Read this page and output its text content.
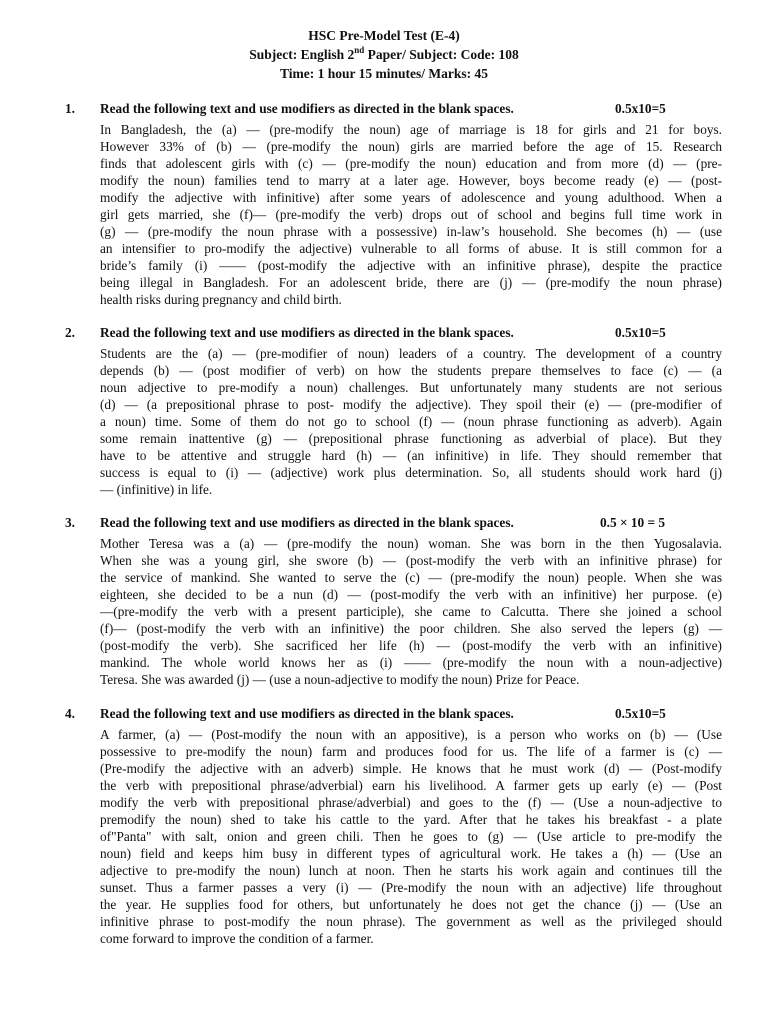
HSC Pre-Model Test (E-4)
Subject: English 2nd Paper/ Subject: Code: 108
Time: 1 hour 15 minutes/ Marks: 45
1. Read the following text and use modifiers as directed in the blank spaces.	0.5x10=5
In Bangladesh, the (a) — (pre-modify the noun) age of marriage is 18 for girls and 21 for boys.
However 33% of (b) — (pre-modify the noun) girls are married before the age of 15. Research
finds that adolescent girls with (c) — (pre-modify the noun) education and from more (d) — (pre-
modify the noun) families tend to marry at a later age. However, boys become ready (e) — (post-
modify the adjective with infinitive) after some years of adolescence and young adulthood. When a
girl gets married, she (f)— (pre-modify the verb) drops out of school and begins full time work in
(g) — (pre-modify the noun phrase with a possessive) in-law’s household. She becomes (h) — (use
an intensifier to pro-modify the adjective) vulnerable to all forms of abuse. It is still common for a
bride’s family (i) —— (post-modify the adjective with an infinitive phrase), despite the practice
being illegal in Bangladesh. For an adolescent bride, there are (j) — (pre-modify the noun phrase)
health risks during pregnancy and child birth.
2. Read the following text and use modifiers as directed in the blank spaces.	0.5x10=5
Students are the (a) — (pre-modifier of noun) leaders of a country. The development of a country
depends (b) — (post modifier of verb) on how the students prepare themselves to face (c) — (a
noun adjective to pre-modify a noun) challenges. But unfortunately many students are not serious
(d) — (a prepositional phrase to post- modify the adjective). They spoil their (e) — (pre-modifier of
a noun) time. Some of them do not go to school (f) — (noun phrase functioning as adverb). Again
some remain inattentive (g) — (prepositional phrase functioning as adverbial of place). But they
have to be attentive and struggle hard (h) — (an infinitive) in life. They should remember that
success is equal to (i) — (adjective) work plus determination. So, all students should work hard (j)
— (infinitive) in life.
3. Read the following text and use modifiers as directed in the blank spaces.	0.5 × 10 = 5
Mother Teresa was a (a) — (pre-modify the noun) woman. She was born in the then Yugosalavia.
When she was a young girl, she swore (b) — (post-modify the verb with an infinitive phrase) for
the service of mankind. She wanted to serve the (c) — (pre-modify the noun) people. When she was
eighteen, she decided to be a nun (d) — (post-modify the verb with an infinitive) her purpose. (e)
—(pre-modify the verb with a present participle), she came to Calcutta. There she joined a school
(f)— (post-modify the verb with an infinitive) the poor children. She also served the lepers (g) —
(post-modify the verb). She sacrificed her life (h) — (post-modify the verb with an infinitive)
mankind. The whole world knows her as (i) —— (pre-modify the noun with a noun-adjective)
Teresa. She was awarded (j) — (use a noun-adjective to modify the noun) Prize for Peace.
4. Read the following text and use modifiers as directed in the blank spaces.	0.5x10=5
A farmer, (a) — (Post-modify the noun with an appositive), is a person who works on (b) — (Use
possessive to pre-modify the noun) farm and produces food for us. The life of a farmer is (c) —
(Pre-modify the adjective with an adverb) simple. He knows that he must work (d) — (Post-modify
the verb with prepositional phrase/adverbial) earn his livelihood. A farmer gets up early (e) — (Post
modify the verb with prepositional phrase/adverbial) and goes to the (f) — (Use a noun-adjective to
premodify the noun) shed to take his cattle to the yard. After that he takes his breakfast - a plate
of"Panta" with salt, onion and green chili. Then he goes to (g) — (Use article to pre-modify the
noun) field and keeps him busy in different types of agricultural work. He takes a (h) — (Use an
adjective to pre-modify the noun) lunch at noon. Then he starts his work again and continues till the
sunset. Thus a farmer passes a very (i) — (Pre-modify the noun with an adjective) life throughout
the year. He supplies food for others, but unfortunately he does not get the chance (j) — (Use an
infinitive phrase to post-modify the noun phrase). The government as well as the privileged should
come forward to improve the condition of a farmer.
